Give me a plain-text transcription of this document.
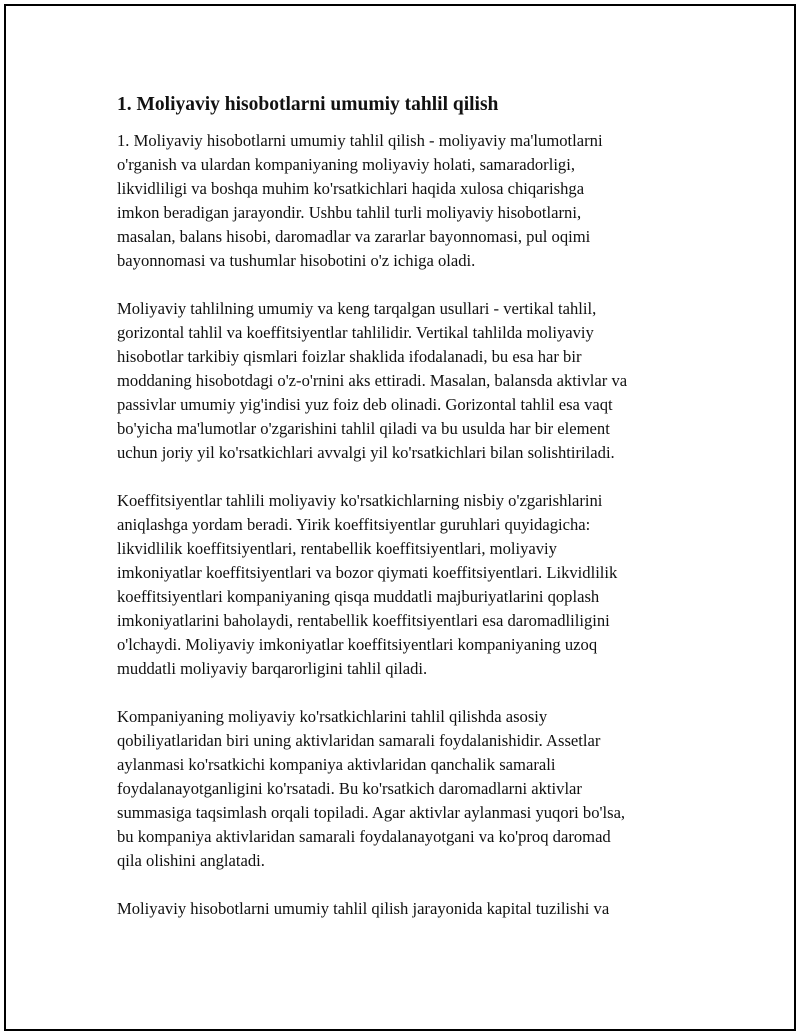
1. Moliyaviy hisobotlarni umumiy tahlil qilish
1. Moliyaviy hisobotlarni umumiy tahlil qilish - moliyaviy ma'lumotlarni
o'rganish va ulardan kompaniyaning moliyaviy holati, samaradorligi,
likvidliligi va boshqa muhim ko'rsatkichlari haqida xulosa chiqarishga
imkon beradigan jarayondir. Ushbu tahlil turli moliyaviy hisobotlarni,
masalan, balans hisobi, daromadlar va zararlar bayonnomasi, pul oqimi
bayonnomasi va tushumlar hisobotini o'z ichiga oladi.
Moliyaviy tahlilning umumiy va keng tarqalgan usullari - vertikal tahlil,
gorizontal tahlil va koeffitsiyentlar tahlilidir. Vertikal tahlilda moliyaviy
hisobotlar tarkibiy qismlari foizlar shaklida ifodalanadi, bu esa har bir
moddaning hisobotdagi o'z-o'rnini aks ettiradi. Masalan, balansda aktivlar va
passivlar umumiy yig'indisi yuz foiz deb olinadi. Gorizontal tahlil esa vaqt
bo'yicha ma'lumotlar o'zgarishini tahlil qiladi va bu usulda har bir element
uchun joriy yil ko'rsatkichlari avvalgi yil ko'rsatkichlari bilan solishtiriladi.
Koeffitsiyentlar tahlili moliyaviy ko'rsatkichlarning nisbiy o'zgarishlarini
aniqlashga yordam beradi. Yirik koeffitsiyentlar guruhlari quyidagicha:
likvidlilik koeffitsiyentlari, rentabellik koeffitsiyentlari, moliyaviy
imkoniyatlar koeffitsiyentlari va bozor qiymati koeffitsiyentlari. Likvidlilik
koeffitsiyentlari kompaniyaning qisqa muddatli majburiyatlarini qoplash
imkoniyatlarini baholaydi, rentabellik koeffitsiyentlari esa daromadliligini
o'lchaydi. Moliyaviy imkoniyatlar koeffitsiyentlari kompaniyaning uzoq
muddatli moliyaviy barqarorligini tahlil qiladi.
Kompaniyaning moliyaviy ko'rsatkichlarini tahlil qilishda asosiy
qobiliyatlaridan biri uning aktivlaridan samarali foydalanishidir. Assetlar
aylanmasi ko'rsatkichi kompaniya aktivlaridan qanchalik samarali
foydalanayotganligini ko'rsatadi. Bu ko'rsatkich daromadlarni aktivlar
summasiga taqsimlash orqali topiladi. Agar aktivlar aylanmasi yuqori bo'lsa,
bu kompaniya aktivlaridan samarali foydalanayotgani va ko'proq daromad
qila olishini anglatadi.
Moliyaviy hisobotlarni umumiy tahlil qilish jarayonida kapital tuzilishi va
